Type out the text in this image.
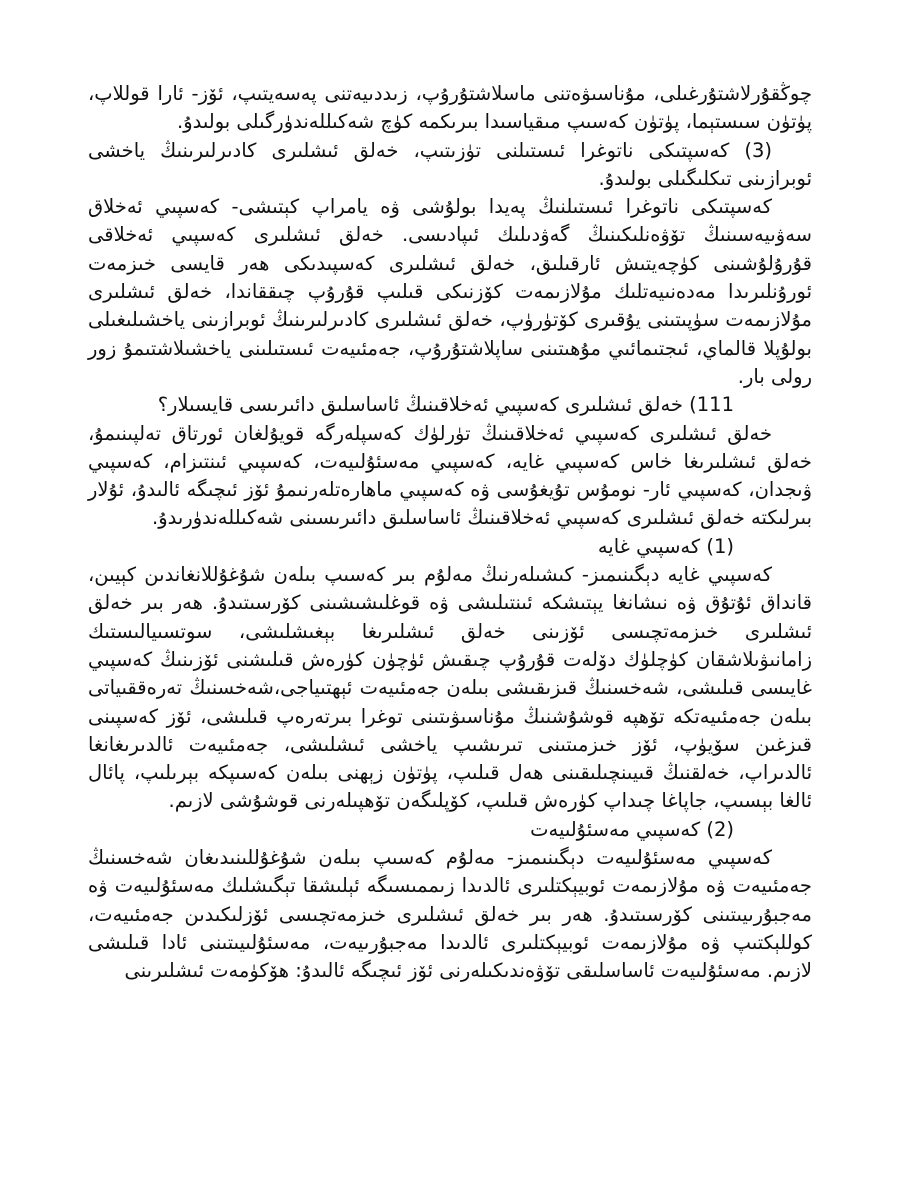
چوڭقۇرلاشتۇرغىلى، مۇناسىۋەتنى ماسلاشتۇرۇپ، زىددىيەتنى پەسەيتىپ، ئۆز- ئارا قوللاپ، پۈتۈن سىستېما، پۈتۈن كەسىپ مىقياسىدا بىرىكمە كۈچ شەكىللەندۈرگىلى بولىدۇ.

(3) كەسپتىكى ناتوغرا ئىستىلنى تۈزىتىپ، خەلق ئىشلىرى كادىرلىرىنىڭ ياخشى ئوبرازىنى تىكلىگىلى بولىدۇ.

كەسپتىكى ناتوغرا ئىستىلنىڭ پەيدا بولۇشى ۋە يامراپ كېتىشى- كەسپىي ئەخلاق سەۋىيەسىنىڭ تۆۋەنلىكىنىڭ گەۋدىلىك ئىپادىسى. خەلق ئىشلىرى كەسپىي ئەخلاقى قۇرۇلۇشىنى كۈچەيتىش ئارقىلىق، خەلق ئىشلىرى كەسپىدىكى ھەر قايسى خىزمەت ئورۇنلىرىدا مەدەنىيەتلىك مۇلازىمەت كۆزنىكى قىلىپ قۇرۇپ چىققاندا، خەلق ئىشلىرى مۇلازىمەت سۈپىتىنى يۇقىرى كۆتۈرۈپ، خەلق ئىشلىرى كادىرلىرىنىڭ ئوبرازىنى ياخشىلىغىلى بولۇپلا قالماي، ئىجتىمائىي مۇھىتىنى ساپلاشتۇرۇپ، جەمئىيەت ئىستىلىنى ياخشىلاشتىمۇ زور رولى بار.

111) خەلق ئىشلىرى كەسپىي ئەخلاقىنىڭ ئاساسلىق دائىرىسى قايسىلار؟

خەلق ئىشلىرى كەسپىي ئەخلاقىنىڭ تۈرلۈك كەسپلەرگە قويۇلغان ئورتاق تەلپىنىمۇ، خەلق ئىشلىرىغا خاس كەسپىي غايە، كەسپىي مەسئۇلىيەت، كەسپىي ئىنتىزام، كەسپىي ۋىجدان، كەسپىي ئار- نومۇس تۇيغۇسى ۋە كەسپىي ماھارەتلەرنىمۇ ئۆز ئىچىگە ئالىدۇ، ئۇلار بىرلىكتە خەلق ئىشلىرى كەسپىي ئەخلاقىنىڭ ئاساسلىق دائىرىسىنى شەكىللەندۈرىدۇ.

(1) كەسپىي غايە

كەسپىي غايە دېگىنىمىز- كىشىلەرنىڭ مەلۇم بىر كەسىپ بىلەن شۇغۇللانغاندىن كېيىن، قانداق ئۇتۇق ۋە نىشانغا يېتىشكە ئىنتىلىشى ۋە قوغلىشىشىنى كۆرسىتىدۇ. ھەر بىر خەلق ئىشلىرى خىزمەتچىسى ئۆزىنى خەلق ئىشلىرىغا بېغىشلىشى، سوتسىيالىستىك زامانىۋىلاشقان كۈچلۈك دۆلەت قۇرۇپ چىقىش ئۈچۈن كۈرەش قىلىشنى ئۆزىنىڭ كەسپىي غايىسى قىلىشى، شەخسنىڭ قىزىقىشى بىلەن جەمئىيەت ئېھتىياجى،شەخسنىڭ تەرەققىياتى بىلەن جەمئىيەتكە تۆھپە قوشۇشنىڭ مۇناسىۋىتىنى توغرا بىرتەرەپ قىلىشى، ئۆز كەسپىنى قىزغىن سۆيۈپ، ئۆز خىزمىتىنى تىرىشىپ ياخشى ئىشلىشى، جەمئىيەت ئالدىرىغانغا ئالدىراپ، خەلقنىڭ قىيىنچىلىقىنى ھەل قىلىپ، پۈتۈن زېھنى بىلەن كەسىپكە بېرىلىپ، پائال ئالغا بېسىپ، جاپاغا چىداپ كۈرەش قىلىپ، كۆپلىگەن تۆھپىلەرنى قوشۇشى لازىم.

(2) كەسپىي مەسئۇلىيەت

كەسپىي مەسئۇلىيەت دېگىنىمىز- مەلۇم كەسىپ بىلەن شۇغۇللىنىدىغان شەخسنىڭ جەمئىيەت ۋە مۇلازىمەت ئوبيېكتلىرى ئالدىدا زىممىسىگە ئېلىشقا تېگىشلىك مەسئۇلىيەت ۋە مەجبۇرىيىتىنى كۆرسىتىدۇ. ھەر بىر خەلق ئىشلىرى خىزمەتچىسى ئۆزلىكىدىن جەمئىيەت، كوللېكتىپ ۋە مۇلازىمەت ئوبيېكتلىرى ئالدىدا مەجبۇرىيەت، مەسئۇلىيىتىنى ئادا قىلىشى لازىم. مەسئۇلىيەت ئاساسلىقى تۆۋەندىكىلەرنى ئۆز ئىچىگە ئالىدۇ: ھۆكۈمەت ئىشلىرىنى
